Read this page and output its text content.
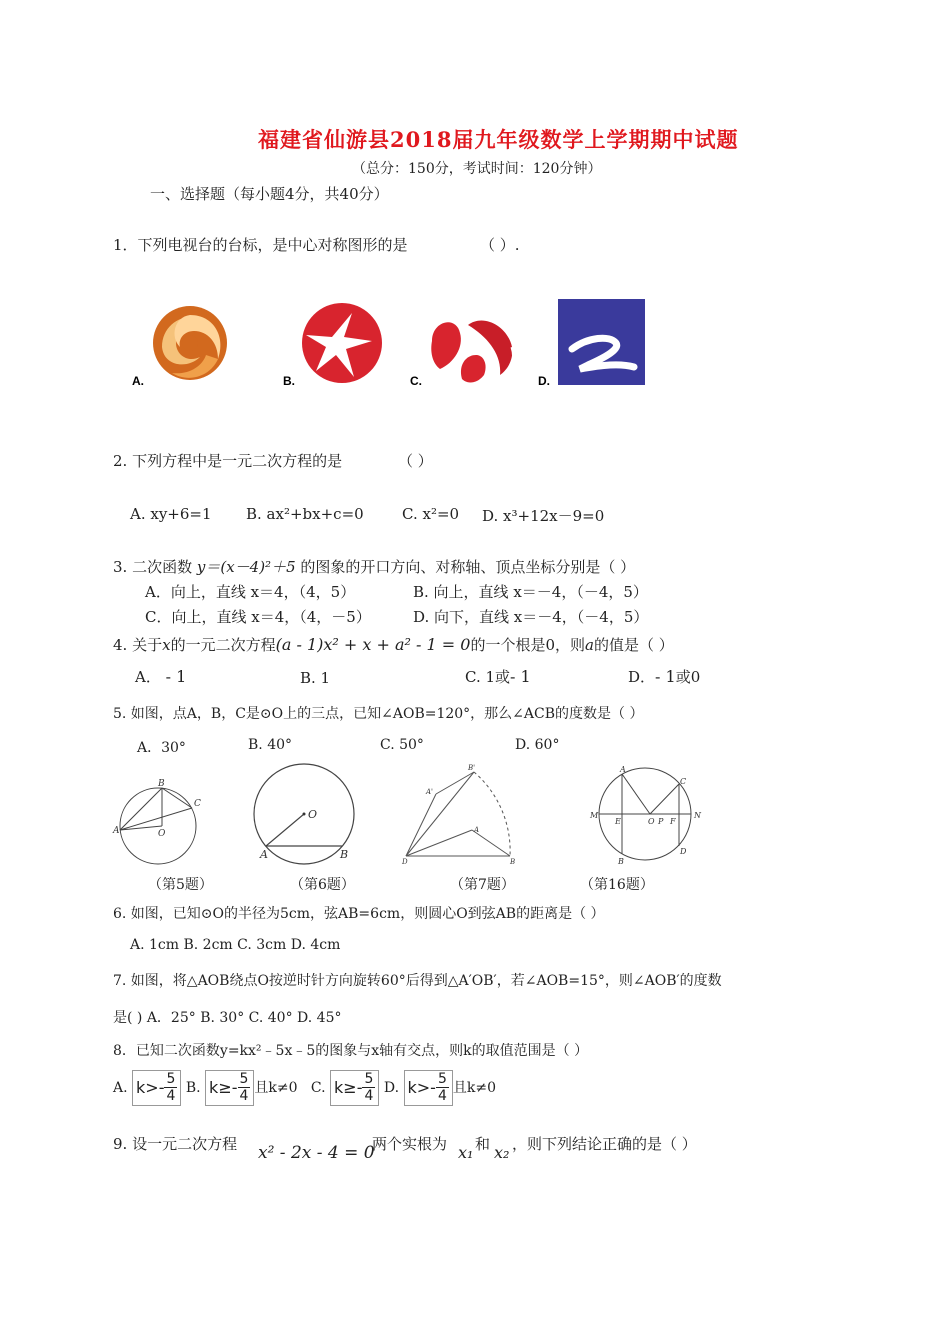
福建省仙游县2018届九年级数学上学期期中试题
（总分：150分，考试时间：120分钟）
一、选择题（每小题4分，共40分）
1．下列电视台的台标，是中心对称图形的是	（ ）.
A.	B.	C.	D.
2. 下列方程中是一元二次方程的是	（ ）
A. xy+6=1 B. ax²+bx+c=0	C. x²=0 D. x³+12x－9=0
3. 二次函数 y＝(x－4)²＋5 的图象的开口方向、对称轴、顶点坐标分别是（ ）
A．向上，直线 x＝4，（4，5）	B. 向上，直线 x＝－4，（－4，5）
C．向上，直线 x＝4，（4，－5）	D. 向下，直线 x＝－4，（－4，5）
4. 关于x的一元二次方程(a - 1)x² + x + a² - 1 = 0的一个根是0，则a的值是（ ）
A． - 1	B. 1	C. 1或- 1	D．- 1或0
5. 如图，点A，B，C是⊙O上的三点，已知∠AOB=120°，那么∠ACB的度数是（ ）
A．30°	B. 40°	C. 50°	D. 60°
B
C
A	O
O
A	B
D	B
A
A'
B'	A
C
M	N
E	O P F
B
D
（第5题）	（第6题）	（第7题）	（第16题）
6. 如图，已知⊙O的半径为5cm，弦AB=6cm，则圆心O到弦AB的距离是（ ）
A. 1cm B. 2cm C. 3cm D. 4cm
7. 如图，将△AOB绕点O按逆时针方向旋转60°后得到△A′OB′，若∠AOB=15°，则∠AOB′的度数
是( ) A．25° B. 30° C. 40° D. 45°
8．已知二次函数y=kx²﹣5x﹣5的图象与x轴有交点，则k的取值范围是（ ）
A. $k>- \frac{5}{4} B$. $k\ge- \frac{5}{4}$ 且k≠0 C. $k\ge- \frac{5}{4} D$. $k>- \frac{5}{4}$ 且k≠0
9. 设一元二次方程 x² - 2x - 4 = 0
两个实根为 x₁ 和 x₂ ，则下列结论正确的是（ ）
